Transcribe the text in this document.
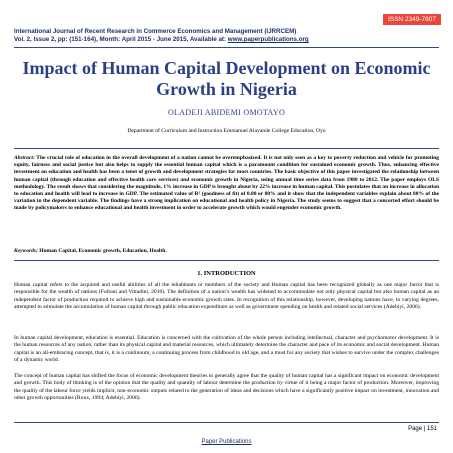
ISSN 2349-7807
International Journal of Recent Research in Commerce Economics and Management (IJRRCEM)
Vol. 2, Issue 2, pp: (151-164), Month: April 2015 - June 2015, Available at: www.paperpublications.org
Impact of Human Capital Development on Economic Growth in Nigeria
OLADEJI ABIDEMI OMOTAYO
Department of Curriculum and Instruction Emmanuel Alayande College Education, Oyo
Abstract: The crucial role of education in the overall development of a nation cannot be overemphasized. It is not only seen as a key to poverty reduction and vehicle for promoting equity, fairness and social justice but also helps to supply the essential human capital which is a paramount condition for sustained economic growth. Thus, enhancing effective investment on education and health has been a tenet of growth and development strategies for most countries. The basic objective of this paper investigated the relationship between human capital (through education and effective health care services) and economic growth in Nigeria, using annual time series data from 1980 to 2012. The paper employs OLS methodology. The result shows that considering the magnitude, 1% increase in GDP is brought about by 22% increase in human capital. This postulates that an increase in allocation to education and health will lead to increase in GDP. The estimated value of R² (goodness of fit) of 0.80 or 80% and it show that the independent variables explain about 80% of the variation in the dependent variable. The findings have a strong implication on educational and health policy in Nigeria. The study seems to suggest that a concerted effort should be made by policymakers to enhance educational and health investment in order to accelerate growth which would engender economic growth.
Keywords: Human Capital, Economic growth, Education, Health.
1. INTRODUCTION
Human capital refers to the acquired and useful abilities of all the inhabitants or members of the society and Human capital has been recognized globally as one major factor that is responsible for the wealth of nations (Folloni and Vittadini, 2010). The definition of a nation’s wealth has widened to accommodate not only physical capital but also human capital as an independent factor of production required to achieve high and sustainable economic growth rates. In recognition of this relationship, however, developing nations have, in varying degrees, attempted to stimulate the accumulation of human capital through public education expenditure as well as government spending on health and related social services (Adebiyi, 2006).
In human capital development, education is essential. Education is concerned with the cultivation of the whole person including intellectual, character and psychomotor development. It is the human resources of any nation, rather than its physical capital and material resources, which ultimately determine the character and pace of its economic and social development. Human capital is an all-embracing concept, that is, it is a continuum, a continuing process from childhood to old age, and a must for any society that wishes to survive under the complex challenges of a dynamic world.
The concept of human capital has shifted the focus of economic development theories to generally agree that the quality of human capital has a significant impact on economic development and growth. This body of thinking is of the opinion that the quality and quantity of labour determine the production by virtue of it being a major factor of production. Moreover, improving the quality of the labour force yields implicit, non-economic outputs related to the generation of ideas and decisions which have a significantly positive impact on investment, innovation and other growth opportunities (Roux, 1994; Adebiyi, 2006).
Page | 151
Paper Publications
